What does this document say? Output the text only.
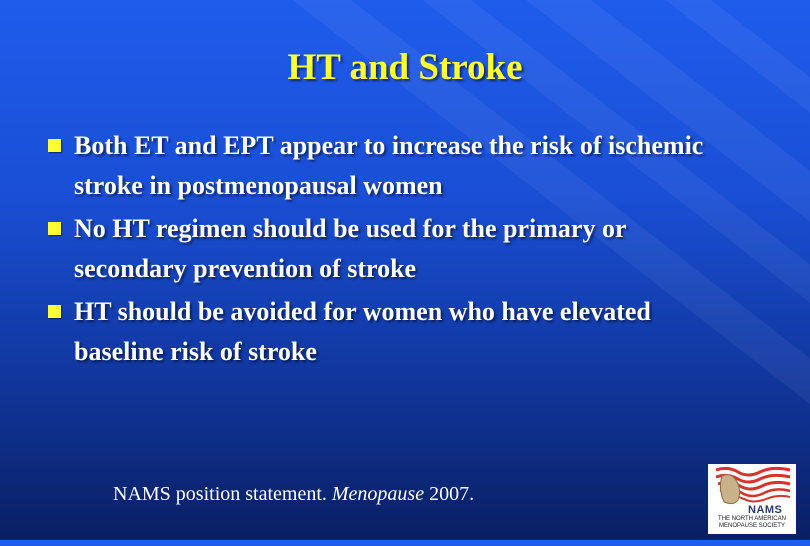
HT and Stroke
Both ET and EPT appear to increase the risk of ischemic stroke in postmenopausal women
No HT regimen should be used for the primary or secondary prevention of stroke
HT should be avoided for women who have elevated baseline risk of stroke
NAMS position statement. Menopause 2007.
NAMS
THE NORTH AMERICAN MENOPAUSE SOCIETY
